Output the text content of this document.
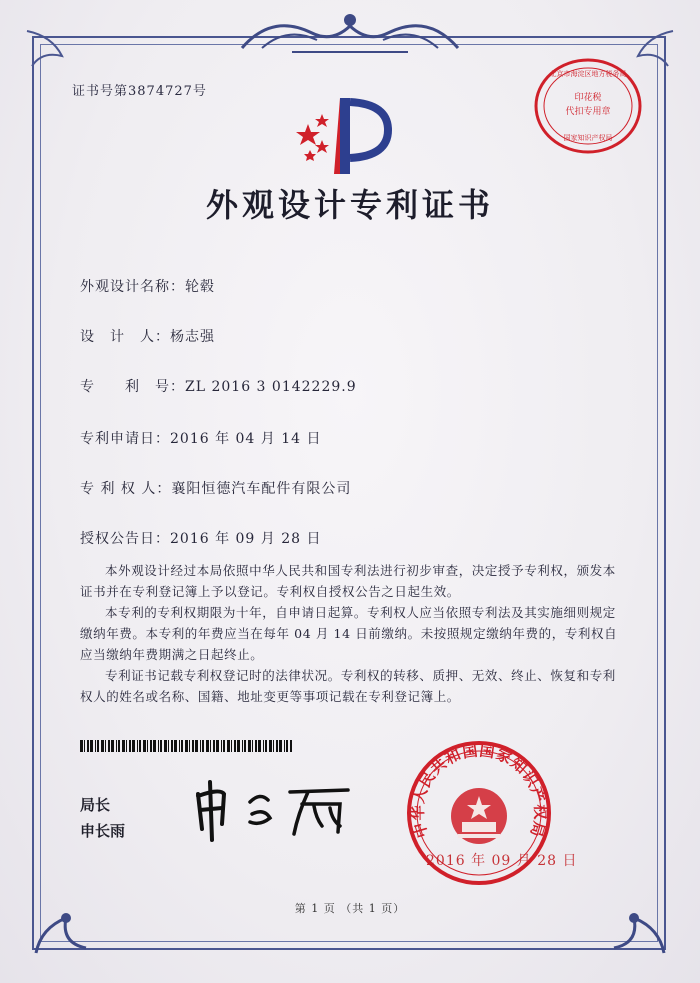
证书号第3874727号	印花税
代扣专用章
北京市海淀区地方税务局
国家知识产权局
外观设计专利证书
外观设计名称：轮毂
设　计　人：杨志强
专　　利　号：ZL 2016 3 0142229.9
专利申请日：2016 年 04 月 14 日
专 利 权 人：襄阳恒德汽车配件有限公司
授权公告日：2016 年 09 月 28 日

本外观设计经过本局依照中华人民共和国专利法进行初步审查，决定授予专利权，颁发本证书并在专利登记簿上予以登记。专利权自授权公告之日起生效。

本专利的专利权期限为十年，自申请日起算。专利权人应当依照专利法及其实施细则规定缴纳年费。本专利的年费应当在每年 04 月 14 日前缴纳。未按照规定缴纳年费的，专利权自应当缴纳年费期满之日起终止。

专利证书记载专利权登记时的法律状况。专利权的转移、质押、无效、终止、恢复和专利权人的姓名或名称、国籍、地址变更等事项记载在专利登记簿上。

局长
申长雨	中华人民共和国国家知识产权局
2016 年 09 月 28 日
第 1 页 （共 1 页）
